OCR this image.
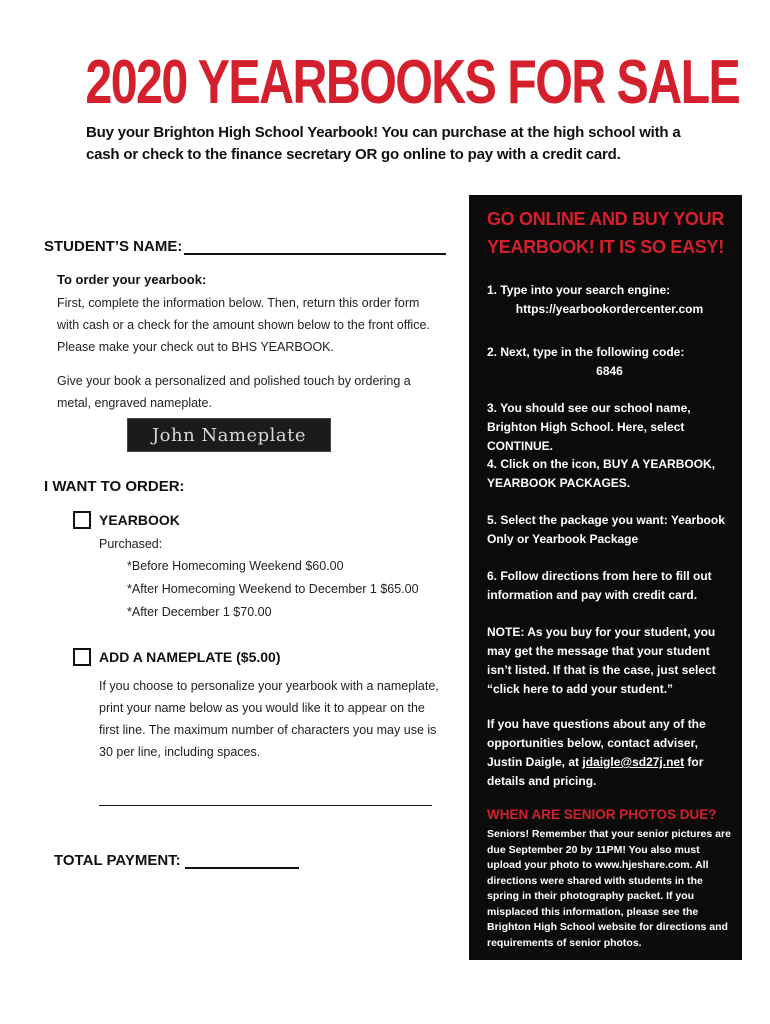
2020 YEARBOOKS FOR SALE
Buy your Brighton High School Yearbook! You can purchase at the high school with a cash or check to the finance secretary OR go online to pay with a credit card.
STUDENT’S NAME:
To order your yearbook:
First, complete the information below. Then, return this order form with cash or a check for the amount shown below to the front office. Please make your check out to BHS YEARBOOK.
Give your book a personalized and polished touch by ordering a metal, engraved nameplate.
John Nameplate
I WANT TO ORDER:
YEARBOOK
Purchased:
*Before Homecoming Weekend $60.00
*After Homecoming Weekend to December 1 $65.00
*After December 1 $70.00
ADD A NAMEPLATE ($5.00)
If you choose to personalize your yearbook with a nameplate, print your name below as you would like it to appear on the first line. The maximum number of characters you may use is 30 per line, including spaces.
TOTAL PAYMENT:
GO ONLINE AND BUY YOUR YEARBOOK! IT IS SO EASY!
1. Type into your search engine:
https://yearbookordercenter.com
2. Next, type in the following code:
6846
3. You should see our school name, Brighton High School. Here, select CONTINUE.
4. Click on the icon, BUY A YEARBOOK, YEARBOOK PACKAGES.
5. Select the package you want: Yearbook Only or Yearbook Package
6. Follow directions from here to fill out information and pay with credit card.
NOTE: As you buy for your student, you may get the message that your student isn’t listed. If that is the case, just select “click here to add your student.”
If you have questions about any of the opportunities below, contact adviser, Justin Daigle, at jdaigle@sd27j.net for details and pricing.
WHEN ARE SENIOR PHOTOS DUE?
Seniors! Remember that your senior pictures are due September 20 by 11PM! You also must upload your photo to www.hjeshare.com. All directions were shared with students in the spring in their photography packet. If you misplaced this information, please see the Brighton High School website for directions and requirements of senior photos.
